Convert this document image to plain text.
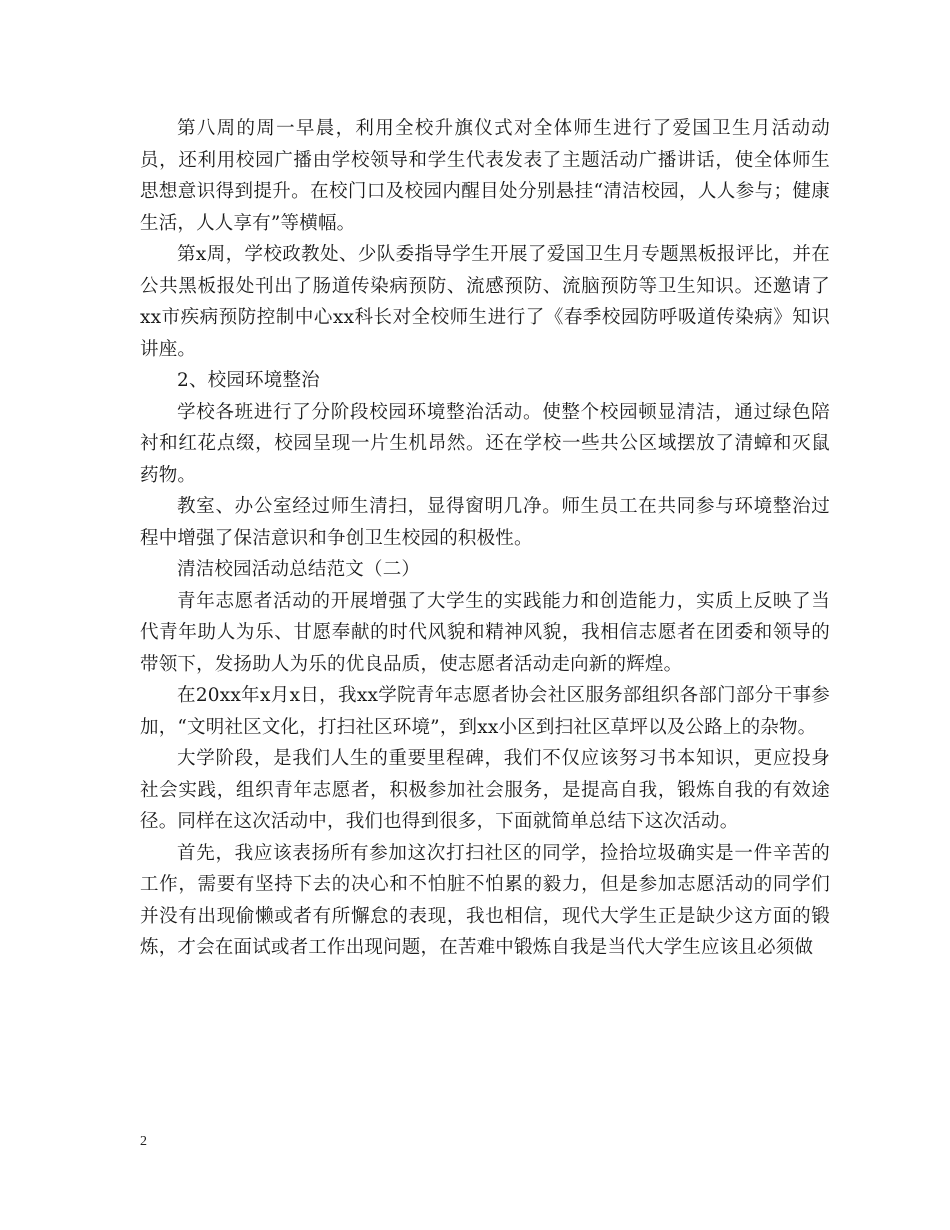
第八周的周一早晨，利用全校升旗仪式对全体师生进行了爱国卫生月活动动员，还利用校园广播由学校领导和学生代表发表了主题活动广播讲话，使全体师生思想意识得到提升。在校门口及校园内醒目处分别悬挂“清洁校园，人人参与；健康生活，人人享有”等横幅。

第x周，学校政教处、少队委指导学生开展了爱国卫生月专题黑板报评比，并在公共黑板报处刊出了肠道传染病预防、流感预防、流脑预防等卫生知识。还邀请了xx市疾病预防控制中心xx科长对全校师生进行了《春季校园防呼吸道传染病》知识讲座。

2、校园环境整治

学校各班进行了分阶段校园环境整治活动。使整个校园顿显清洁，通过绿色陪衬和红花点缀，校园呈现一片生机昂然。还在学校一些共公区域摆放了清蟑和灭鼠药物。

教室、办公室经过师生清扫，显得窗明几净。师生员工在共同参与环境整治过程中增强了保洁意识和争创卫生校园的积极性。

清洁校园活动总结范文（二）

青年志愿者活动的开展增强了大学生的实践能力和创造能力，实质上反映了当代青年助人为乐、甘愿奉献的时代风貌和精神风貌，我相信志愿者在团委和领导的带领下，发扬助人为乐的优良品质，使志愿者活动走向新的辉煌。

在20xx年x月x日，我xx学院青年志愿者协会社区服务部组织各部门部分干事参加，“文明社区文化，打扫社区环境”，到xx小区到扫社区草坪以及公路上的杂物。

大学阶段，是我们人生的重要里程碑，我们不仅应该努习书本知识，更应投身社会实践，组织青年志愿者，积极参加社会服务，是提高自我，锻炼自我的有效途径。同样在这次活动中，我们也得到很多，下面就简单总结下这次活动。

首先，我应该表扬所有参加这次打扫社区的同学，捡拾垃圾确实是一件辛苦的工作，需要有坚持下去的决心和不怕脏不怕累的毅力，但是参加志愿活动的同学们并没有出现偷懒或者有所懈怠的表现，我也相信，现代大学生正是缺少这方面的锻炼，才会在面试或者工作出现问题，在苦难中锻炼自我是当代大学生应该且必须做

2
